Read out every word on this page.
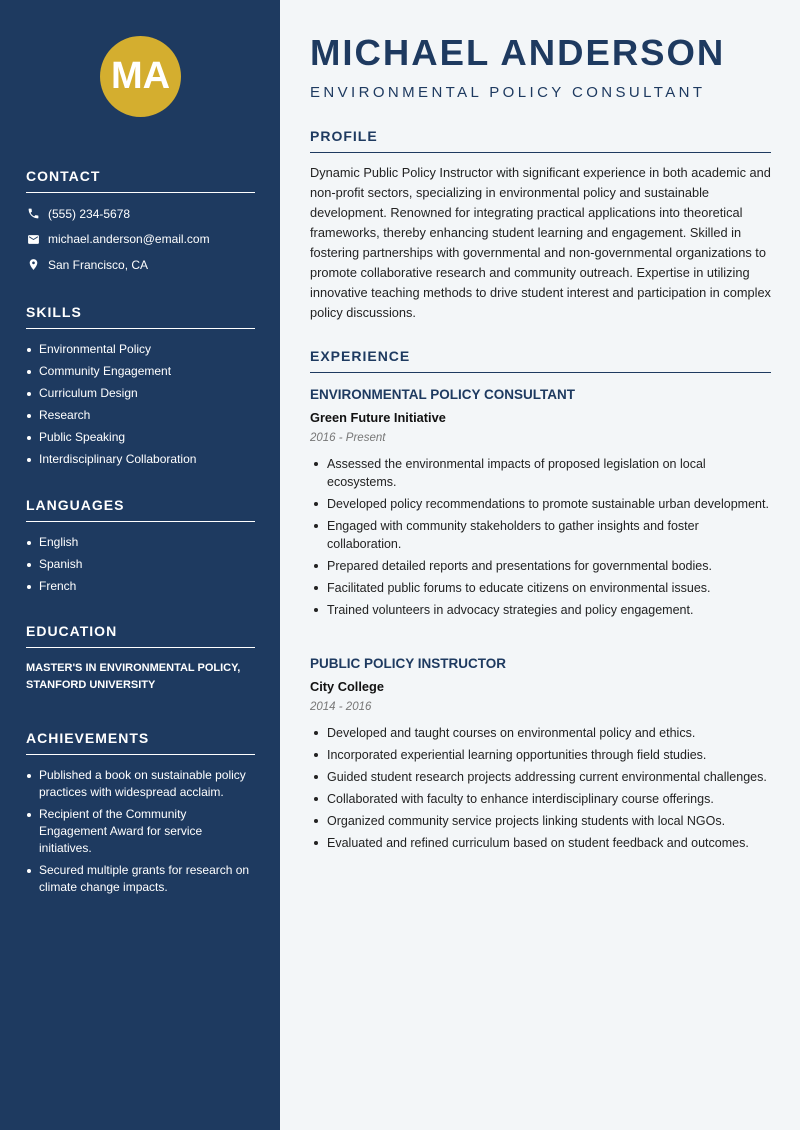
MA
CONTACT
(555) 234-5678
michael.anderson@email.com
San Francisco, CA
SKILLS
Environmental Policy
Community Engagement
Curriculum Design
Research
Public Speaking
Interdisciplinary Collaboration
LANGUAGES
English
Spanish
French
EDUCATION
MASTER'S IN ENVIRONMENTAL POLICY, STANFORD UNIVERSITY
ACHIEVEMENTS
Published a book on sustainable policy practices with widespread acclaim.
Recipient of the Community Engagement Award for service initiatives.
Secured multiple grants for research on climate change impacts.
MICHAEL ANDERSON
ENVIRONMENTAL POLICY CONSULTANT
PROFILE

Dynamic Public Policy Instructor with significant experience in both academic and non-profit sectors, specializing in environmental policy and sustainable development. Renowned for integrating practical applications into theoretical frameworks, thereby enhancing student learning and engagement. Skilled in fostering partnerships with governmental and non-governmental organizations to promote collaborative research and community outreach. Expertise in utilizing innovative teaching methods to drive student interest and participation in complex policy discussions.

EXPERIENCE
ENVIRONMENTAL POLICY CONSULTANT
Green Future Initiative
2016 - Present
Assessed the environmental impacts of proposed legislation on local ecosystems.
Developed policy recommendations to promote sustainable urban development.
Engaged with community stakeholders to gather insights and foster collaboration.
Prepared detailed reports and presentations for governmental bodies.
Facilitated public forums to educate citizens on environmental issues.
Trained volunteers in advocacy strategies and policy engagement.
PUBLIC POLICY INSTRUCTOR
City College
2014 - 2016
Developed and taught courses on environmental policy and ethics.
Incorporated experiential learning opportunities through field studies.
Guided student research projects addressing current environmental challenges.
Collaborated with faculty to enhance interdisciplinary course offerings.
Organized community service projects linking students with local NGOs.
Evaluated and refined curriculum based on student feedback and outcomes.
